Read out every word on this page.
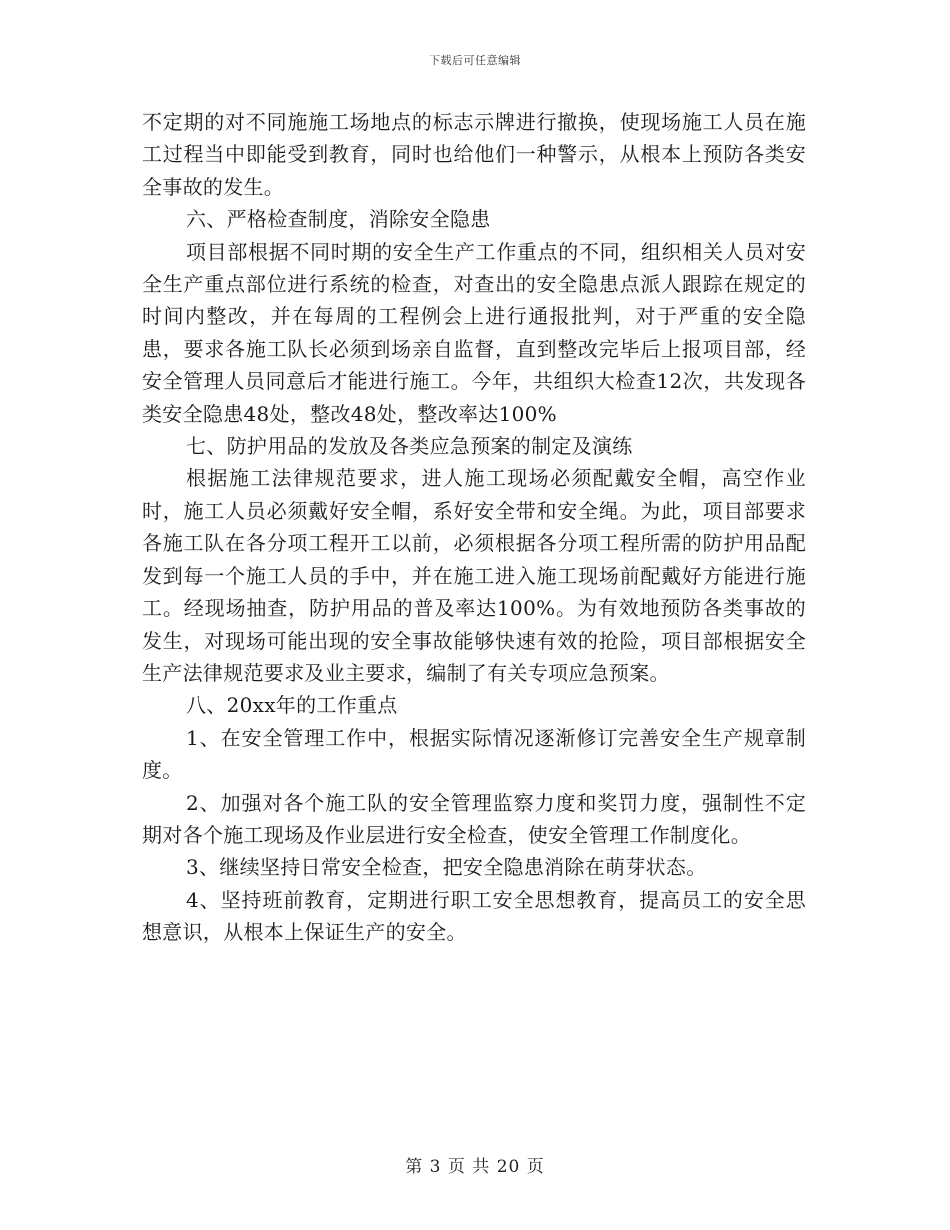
下载后可任意编辑

不定期的对不同施施工场地点的标志示牌进行撤换，使现场施工人员在施工过程当中即能受到教育，同时也给他们一种警示，从根本上预防各类安全事故的发生。

六、严格检查制度，消除安全隐患

项目部根据不同时期的安全生产工作重点的不同，组织相关人员对安全生产重点部位进行系统的检查，对查出的安全隐患点派人跟踪在规定的时间内整改，并在每周的工程例会上进行通报批判，对于严重的安全隐患，要求各施工队长必须到场亲自监督，直到整改完毕后上报项目部，经安全管理人员同意后才能进行施工。今年，共组织大检查12次，共发现各类安全隐患48处，整改48处，整改率达100%

七、防护用品的发放及各类应急预案的制定及演练

根据施工法律规范要求，进人施工现场必须配戴安全帽，高空作业时，施工人员必须戴好安全帽，系好安全带和安全绳。为此，项目部要求各施工队在各分项工程开工以前，必须根据各分项工程所需的防护用品配发到每一个施工人员的手中，并在施工进入施工现场前配戴好方能进行施工。经现场抽查，防护用品的普及率达100%。为有效地预防各类事故的发生，对现场可能出现的安全事故能够快速有效的抢险，项目部根据安全生产法律规范要求及业主要求，编制了有关专项应急预案。

八、20xx年的工作重点

1、在安全管理工作中，根据实际情况逐渐修订完善安全生产规章制度。

2、加强对各个施工队的安全管理监察力度和奖罚力度，强制性不定期对各个施工现场及作业层进行安全检查，使安全管理工作制度化。

3、继续坚持日常安全检查，把安全隐患消除在萌芽状态。

4、坚持班前教育，定期进行职工安全思想教育，提高员工的安全思想意识，从根本上保证生产的安全。

第 3 页 共 20 页
